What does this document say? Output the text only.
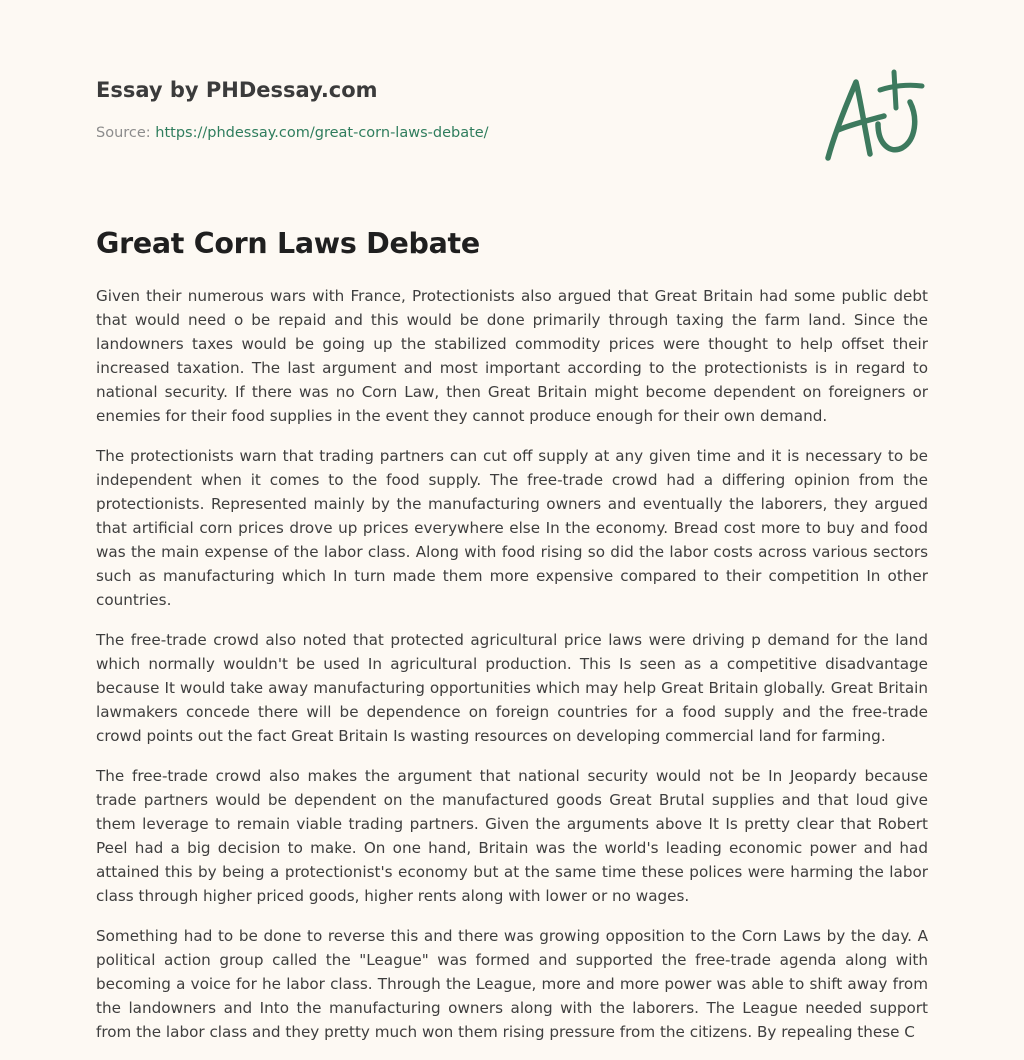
Essay by PHDessay.com
Source: https://phdessay.com/great-corn-laws-debate/
Great Corn Laws Debate

Given their numerous wars with France, Protectionists also argued that Great Britain had some public debt that would need o be repaid and this would be done primarily through taxing the farm land. Since the landowners taxes would be going up the stabilized commodity prices were thought to help offset their increased taxation. The last argument and most important according to the protectionists is in regard to national security. If there was no Corn Law, then Great Britain might become dependent on foreigners or enemies for their food supplies in the event they cannot produce enough for their own demand.

The protectionists warn that trading partners can cut off supply at any given time and it is necessary to be independent when it comes to the food supply. The free-trade crowd had a differing opinion from the protectionists. Represented mainly by the manufacturing owners and eventually the laborers, they argued that artificial corn prices drove up prices everywhere else In the economy. Bread cost more to buy and food was the main expense of the labor class. Along with food rising so did the labor costs across various sectors such as manufacturing which In turn made them more expensive compared to their competition In other countries.

The free-trade crowd also noted that protected agricultural price laws were driving p demand for the land which normally wouldn't be used In agricultural production. This Is seen as a competitive disadvantage because It would take away manufacturing opportunities which may help Great Britain globally. Great Britain lawmakers concede there will be dependence on foreign countries for a food supply and the free-trade crowd points out the fact Great Britain Is wasting resources on developing commercial land for farming.

The free-trade crowd also makes the argument that national security would not be In Jeopardy because trade partners would be dependent on the manufactured goods Great Brutal supplies and that loud give them leverage to remain viable trading partners. Given the arguments above It Is pretty clear that Robert Peel had a big decision to make. On one hand, Britain was the world's leading economic power and had attained this by being a protectionist's economy but at the same time these polices were harming the labor class through higher priced goods, higher rents along with lower or no wages.

Something had to be done to reverse this and there was growing opposition to the Corn Laws by the day. A political action group called the "League" was formed and supported the free-trade agenda along with becoming a voice for he labor class. Through the League, more and more power was able to shift away from the landowners and Into the manufacturing owners along with the laborers. The League needed support from the labor class and they pretty much won them rising pressure from the citizens. By repealing these C
